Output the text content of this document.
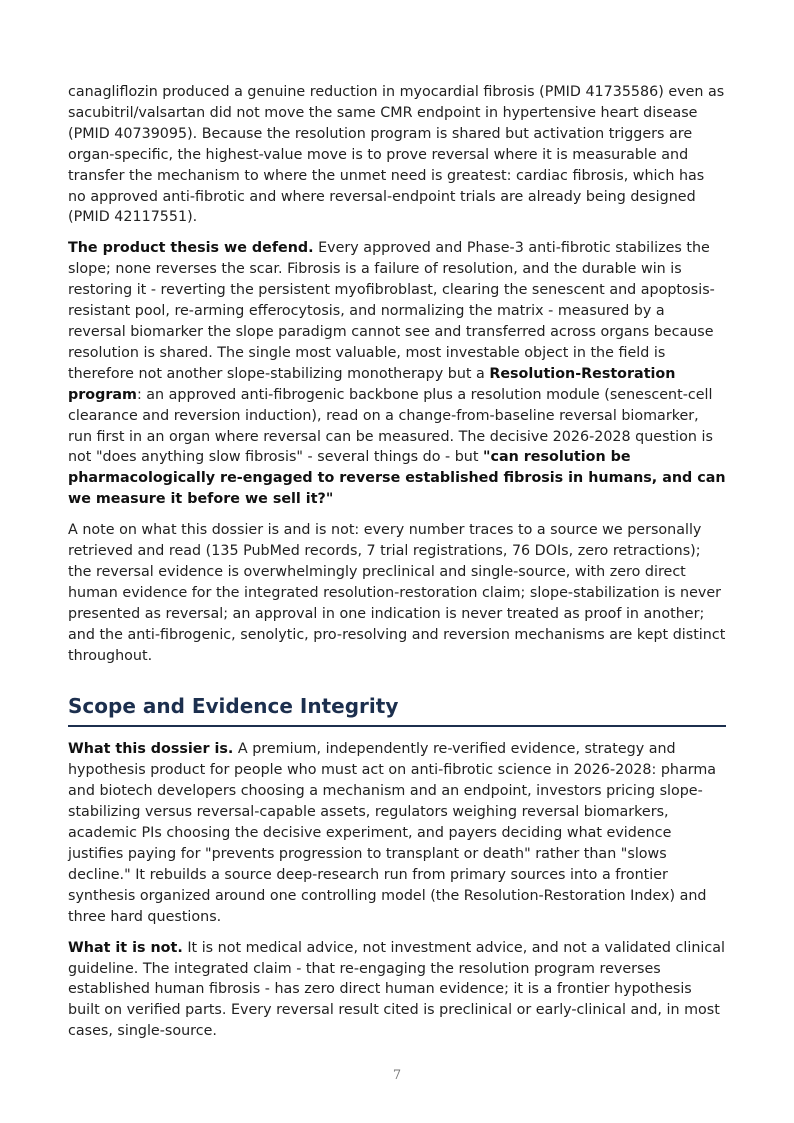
canagliflozin produced a genuine reduction in myocardial fibrosis (PMID 41735586) even as sacubitril/valsartan did not move the same CMR endpoint in hypertensive heart disease (PMID 40739095). Because the resolution program is shared but activation triggers are organ-specific, the highest-value move is to prove reversal where it is measurable and transfer the mechanism to where the unmet need is greatest: cardiac fibrosis, which has no approved anti-fibrotic and where reversal-endpoint trials are already being designed (PMID 42117551).

The product thesis we defend. Every approved and Phase-3 anti-fibrotic stabilizes the slope; none reverses the scar. Fibrosis is a failure of resolution, and the durable win is restoring it - reverting the persistent myofibroblast, clearing the senescent and apoptosis-resistant pool, re-arming efferocytosis, and normalizing the matrix - measured by a reversal biomarker the slope paradigm cannot see and transferred across organs because resolution is shared. The single most valuable, most investable object in the field is therefore not another slope-stabilizing monotherapy but a Resolution-Restoration program: an approved anti-fibrogenic backbone plus a resolution module (senescent-cell clearance and reversion induction), read on a change-from-baseline reversal biomarker, run first in an organ where reversal can be measured. The decisive 2026-2028 question is not "does anything slow fibrosis" - several things do - but "can resolution be pharmacologically re-engaged to reverse established fibrosis in humans, and can we measure it before we sell it?"

A note on what this dossier is and is not: every number traces to a source we personally retrieved and read (135 PubMed records, 7 trial registrations, 76 DOIs, zero retractions); the reversal evidence is overwhelmingly preclinical and single-source, with zero direct human evidence for the integrated resolution-restoration claim; slope-stabilization is never presented as reversal; an approval in one indication is never treated as proof in another; and the anti-fibrogenic, senolytic, pro-resolving and reversion mechanisms are kept distinct throughout.

Scope and Evidence Integrity

What this dossier is. A premium, independently re-verified evidence, strategy and hypothesis product for people who must act on anti-fibrotic science in 2026-2028: pharma and biotech developers choosing a mechanism and an endpoint, investors pricing slope-stabilizing versus reversal-capable assets, regulators weighing reversal biomarkers, academic PIs choosing the decisive experiment, and payers deciding what evidence justifies paying for "prevents progression to transplant or death" rather than "slows decline." It rebuilds a source deep-research run from primary sources into a frontier synthesis organized around one controlling model (the Resolution-Restoration Index) and three hard questions.

What it is not. It is not medical advice, not investment advice, and not a validated clinical guideline. The integrated claim - that re-engaging the resolution program reverses established human fibrosis - has zero direct human evidence; it is a frontier hypothesis built on verified parts. Every reversal result cited is preclinical or early-clinical and, in most cases, single-source.

7
